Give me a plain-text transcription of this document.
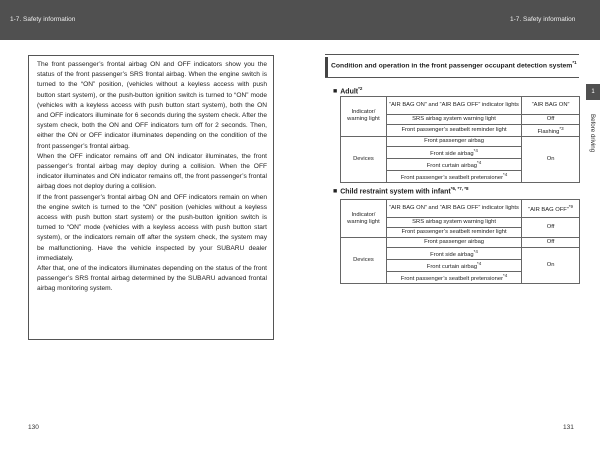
1-7. Safety information	1-7. Safety information
1
Before driving

The front passenger’s frontal airbag ON and OFF indicators show you the status of the front passenger’s SRS frontal airbag. When the engine switch is turned to the “ON” position, (vehicles without a keyless access with push button start system), or the push-button ignition switch is turned to “ON” mode (vehicles with a keyless access with push button start system), both the ON and OFF indicators illuminate for 6 seconds during the system check. After the system check, both the ON and OFF indicators turn off for 2 seconds. Then, either the ON or OFF indicator illuminates depending on the condition of the front passenger’s frontal airbag.

When the OFF indicator remains off and ON indicator illuminates, the front passenger’s frontal airbag may deploy during a collision. When the OFF indicator illuminates and ON indicator remains off, the front passenger’s frontal airbag does not deploy during a collision.

If the front passenger’s frontal airbag ON and OFF indicators remain on when the engine switch is turned to the “ON” position (vehicles without a keyless access with push button start system) or the push-button ignition switch is turned to “ON” mode (vehicles with a keyless access with push button start system), or the indicators remain off after the system check, the system may be malfunctioning. Have the vehicle inspected by your SUBARU dealer immediately.

After that, one of the indicators illuminates depending on the status of the front passenger’s SRS frontal airbag determined by the SUBARU advanced frontal airbag monitoring system.

Condition and operation in the front passenger occupant detection system$^{*1}$
■ Adult$^{*2}$
Indicator/ warning light	“AIR BAG ON” and “AIR BAG OFF” indicator lights	“AIR BAG ON”
	SRS airbag system warning light	Off
	Front passenger’s seatbelt reminder light	Flashing$^{*3}$
Devices	Front passenger airbag	On
	Front side airbag$^{*4}$
	Front curtain airbag$^{*4}$
	Front passenger’s seatbelt pretensioner$^{*4}$
■ Child restraint system with infant$^{*6, *7, *8}$
Indicator/ warning light	“AIR BAG ON” and “AIR BAG OFF” indicator lights	“AIR BAG OFF”$^{*9}$
	SRS airbag system warning light	Off
	Front passenger’s seatbelt reminder light	
Devices	Front passenger airbag	Off
	Front side airbag$^{*4}$	On
	Front curtain airbag$^{*4}$
	Front passenger’s seatbelt pretensioner$^{*4}$
130	131
